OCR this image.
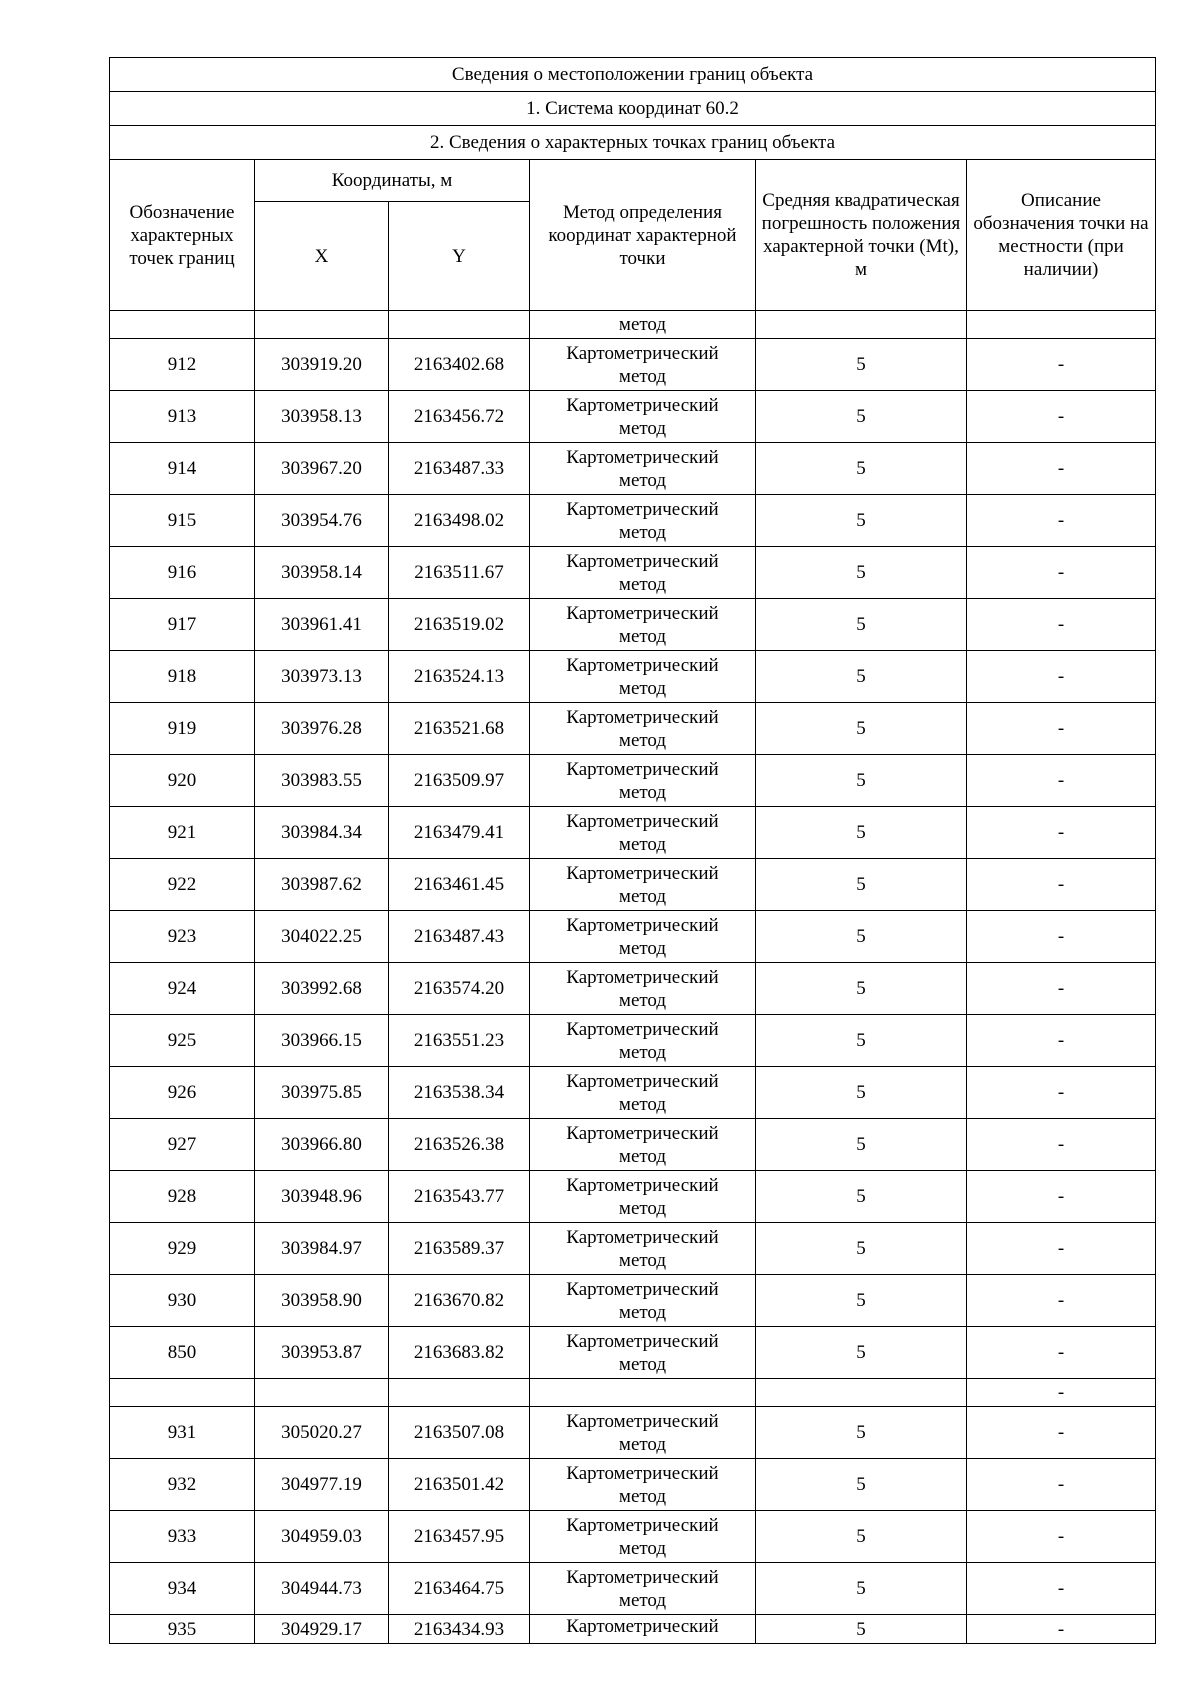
Сведения о местоположении границ объекта					
1. Система координат 60.2					
2. Сведения о характерных точках границ объекта					
Обозначение характерных точек границ	Координаты, м		Метод определения координат характерной точки	Средняя квадратическая погрешность положения характерной точки (Mt), м	Описание обозначения точки на местности (при наличии)
	X	Y			
			метод		
912	303919.20	2163402.68	Картометрический
метод	5	-
913	303958.13	2163456.72	Картометрический
метод	5	-
914	303967.20	2163487.33	Картометрический
метод	5	-
915	303954.76	2163498.02	Картометрический
метод	5	-
916	303958.14	2163511.67	Картометрический
метод	5	-
917	303961.41	2163519.02	Картометрический
метод	5	-
918	303973.13	2163524.13	Картометрический
метод	5	-
919	303976.28	2163521.68	Картометрический
метод	5	-
920	303983.55	2163509.97	Картометрический
метод	5	-
921	303984.34	2163479.41	Картометрический
метод	5	-
922	303987.62	2163461.45	Картометрический
метод	5	-
923	304022.25	2163487.43	Картометрический
метод	5	-
924	303992.68	2163574.20	Картометрический
метод	5	-
925	303966.15	2163551.23	Картометрический
метод	5	-
926	303975.85	2163538.34	Картометрический
метод	5	-
927	303966.80	2163526.38	Картометрический
метод	5	-
928	303948.96	2163543.77	Картометрический
метод	5	-
929	303984.97	2163589.37	Картометрический
метод	5	-
930	303958.90	2163670.82	Картометрический
метод	5	-
850	303953.87	2163683.82	Картометрический
метод	5	-
					-
931	305020.27	2163507.08	Картометрический
метод	5	-
932	304977.19	2163501.42	Картометрический
метод	5	-
933	304959.03	2163457.95	Картометрический
метод	5	-
934	304944.73	2163464.75	Картометрический
метод	5	-
935	304929.17	2163434.93	Картометрический	5	-
